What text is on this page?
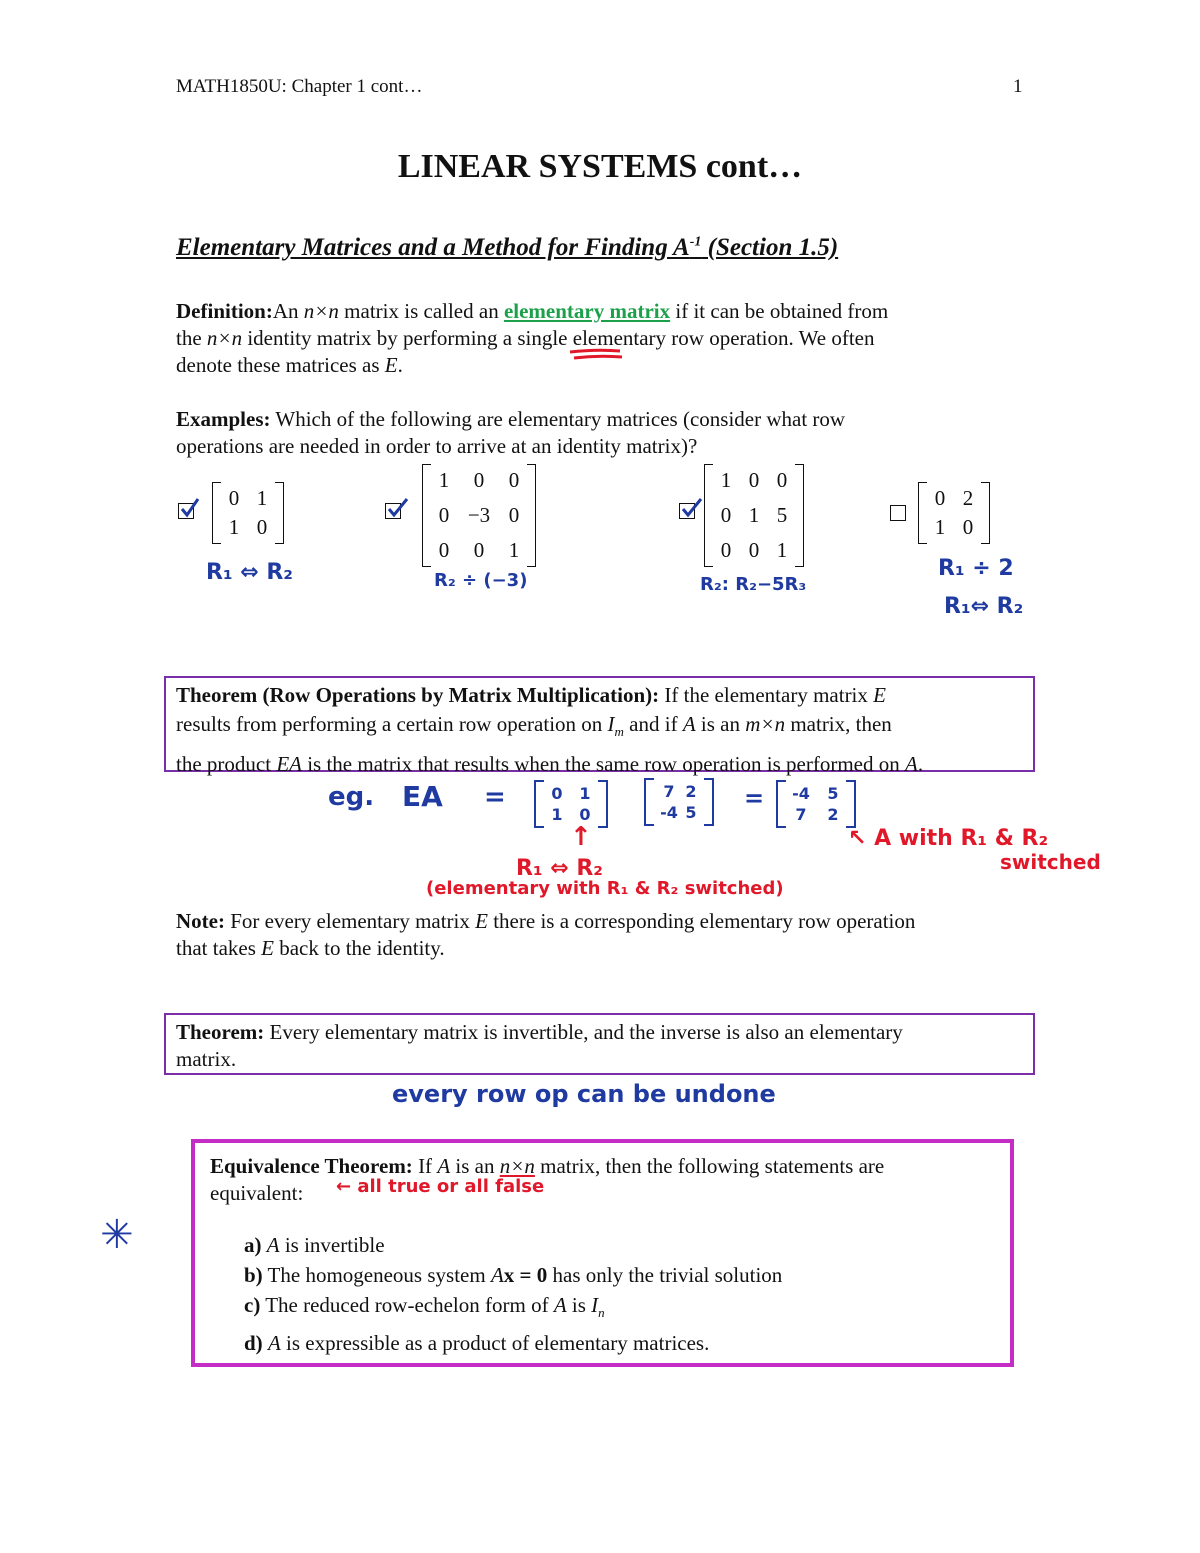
MATH1850U: Chapter 1 cont…	1
LINEAR SYSTEMS cont…
Elementary Matrices and a Method for Finding $A^{-1}$ (Section 1.5)

Definition:An n×n matrix is called an elementary matrix if it can be obtained from

the n×n identity matrix by performing a single elementary row operation. We often

denote these matrices as E.

Examples: Which of the following are elementary matrices (consider what row

operations are needed in order to arrive at an identity matrix)?

0 1
1 0
1	0	0
0 −3 0
0	0	1
1 0 0
0 1 5
0 0 1
0 2
1 0
R₁ ⇔ R₂	R₂ ÷ (−3)	R₂: R₂−5R₃
R₁ ÷ 2
R₁⇔ R₂

Theorem (Row Operations by Matrix Multiplication): If the elementary matrix E

results from performing a certain row operation on $I_m$ and if A is an m×n matrix, then

the product EA is the matrix that results when the same row operation is performed on A.

eg. EA =	0 1
1 0
7 2
-4 5
= -4 5
7 2
↑
R₁ ⇔ R₂
(elementary with R₁ & R₂ switched)
↖ A with R₁ & R₂
switched

Note: For every elementary matrix E there is a corresponding elementary row operation

that takes E back to the identity.

Theorem: Every elementary matrix is invertible, and the inverse is also an elementary

matrix.

every row op can be undone

Equivalence Theorem: If A is an n×n matrix, then the following statements are

equivalent:	← all true or all false

a) A is invertible

b) The homogeneous system Ax = 0 has only the trivial solution

c) The reduced row-echelon form of A is $I_n$

d) A is expressible as a product of elementary matrices.

✳
